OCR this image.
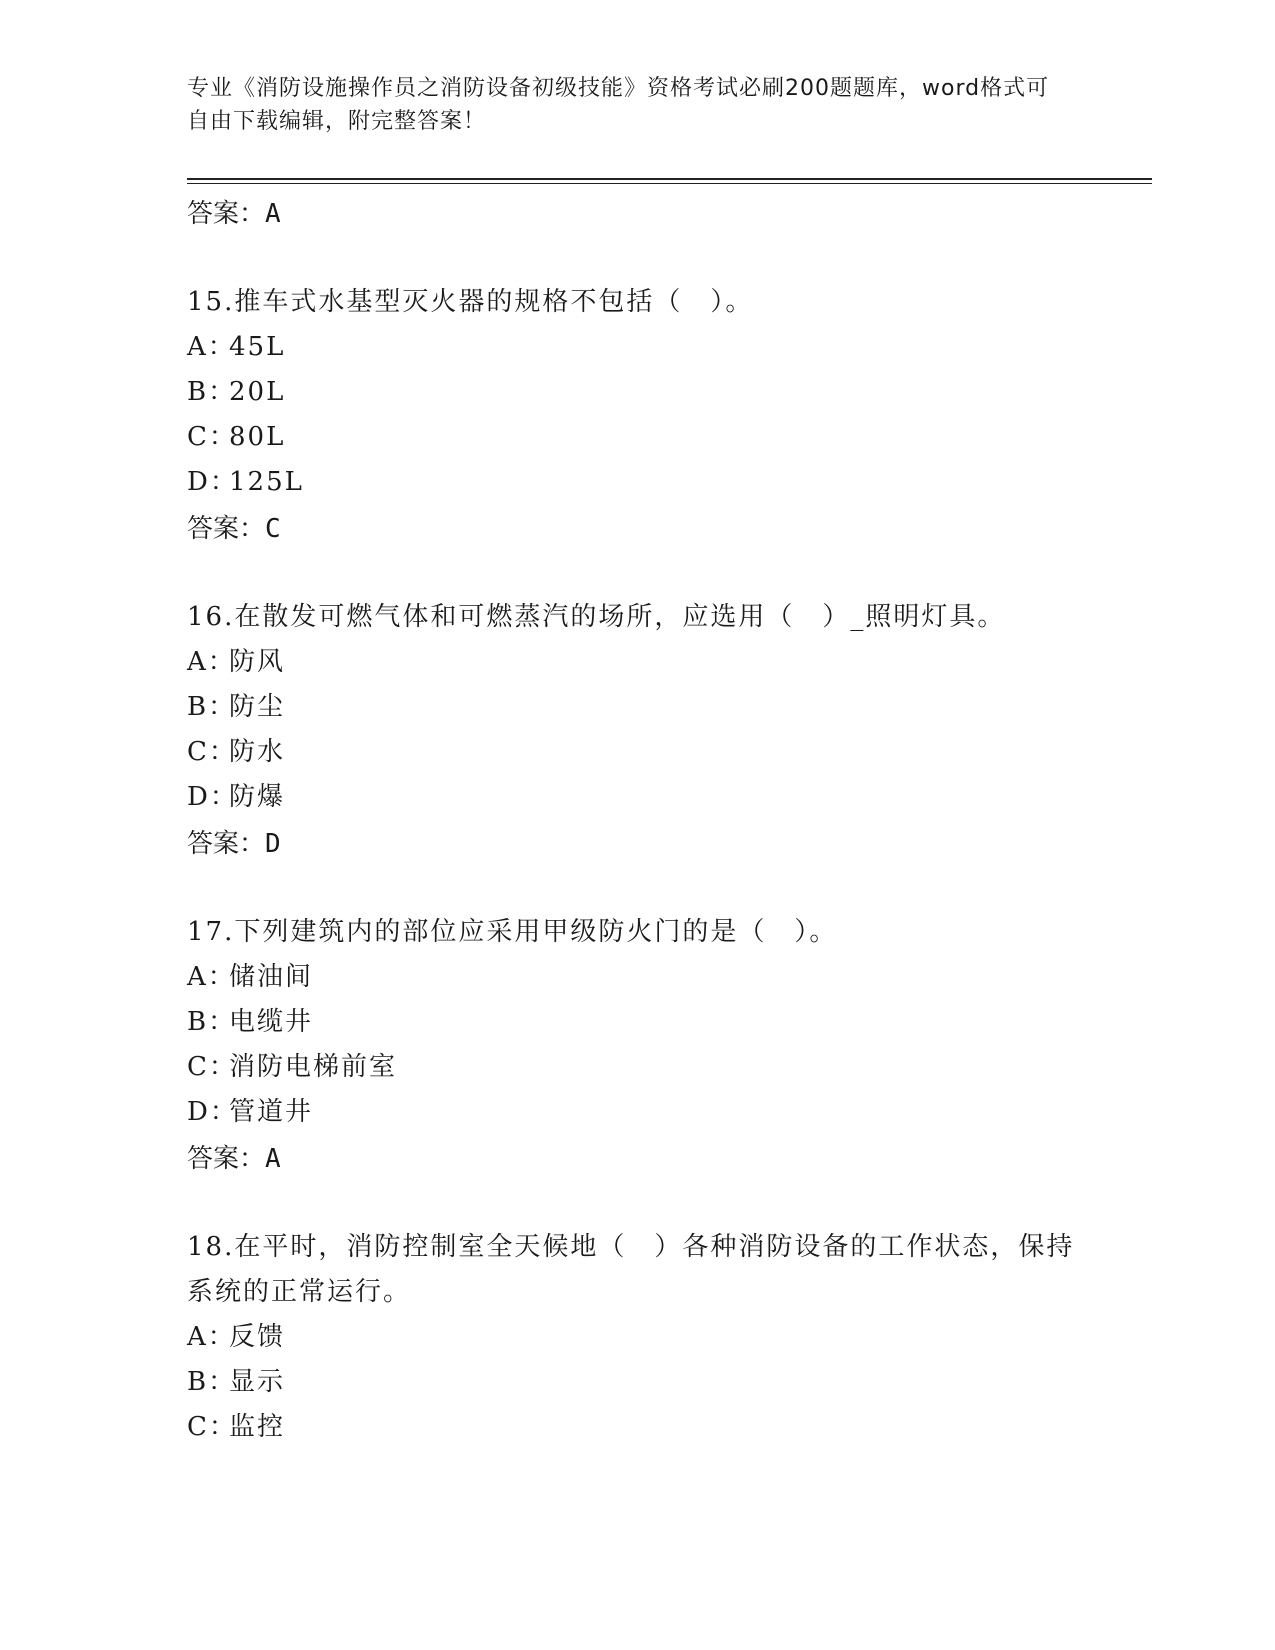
专业《消防设施操作员之消防设备初级技能》资格考试必刷200题题库，word格式可自由下载编辑，附完整答案！
答案：A
15.推车式水基型灭火器的规格不包括（　）。
A：45L
B：20L
C：80L
D：125L
答案：C
16.在散发可燃气体和可燃蒸汽的场所，应选用（　）_照明灯具。
A：防风
B：防尘
C：防水
D：防爆
答案：D
17.下列建筑内的部位应采用甲级防火门的是（　）。
A：储油间
B：电缆井
C：消防电梯前室
D：管道井
答案：A
18.在平时，消防控制室全天候地（　）各种消防设备的工作状态，保持系统的正常运行。
A：反馈
B：显示
C：监控
